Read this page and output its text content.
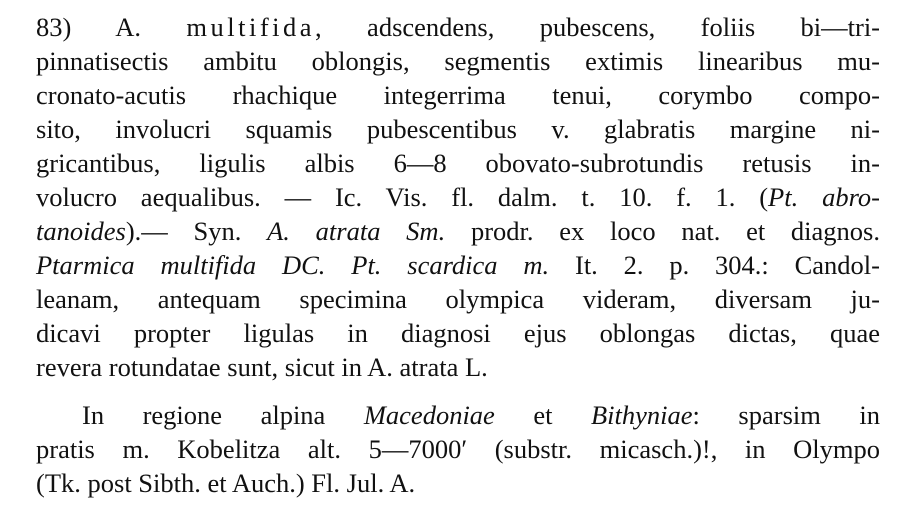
83) A. multifida, adscendens, pubescens, foliis bi—tri-
pinnatisectis ambitu oblongis, segmentis extimis linearibus mu-
cronato-acutis rhachique integerrima tenui, corymbo compo-
sito, involucri squamis pubescentibus v. glabratis margine ni-
gricantibus, ligulis albis 6—8 obovato-subrotundis retusis in-
volucro aequalibus. — Ic. Vis. fl. dalm. t. 10. f. 1. (Pt. abro-
tanoides).— Syn. A. atrata Sm. prodr. ex loco nat. et diagnos.
Ptarmica multifida DC. Pt. scardica m. It. 2. p. 304.: Candol-
leanam, antequam specimina olympica videram, diversam ju-
dicavi propter ligulas in diagnosi ejus oblongas dictas, quae
revera rotundatae sunt, sicut in A. atrata L.
In regione alpina Macedoniae et Bithyniae: sparsim in
pratis m. Kobelitza alt. 5—7000′ (substr. micasch.)!, in Olympo
(Tk. post Sibth. et Auch.) Fl. Jul. A.
